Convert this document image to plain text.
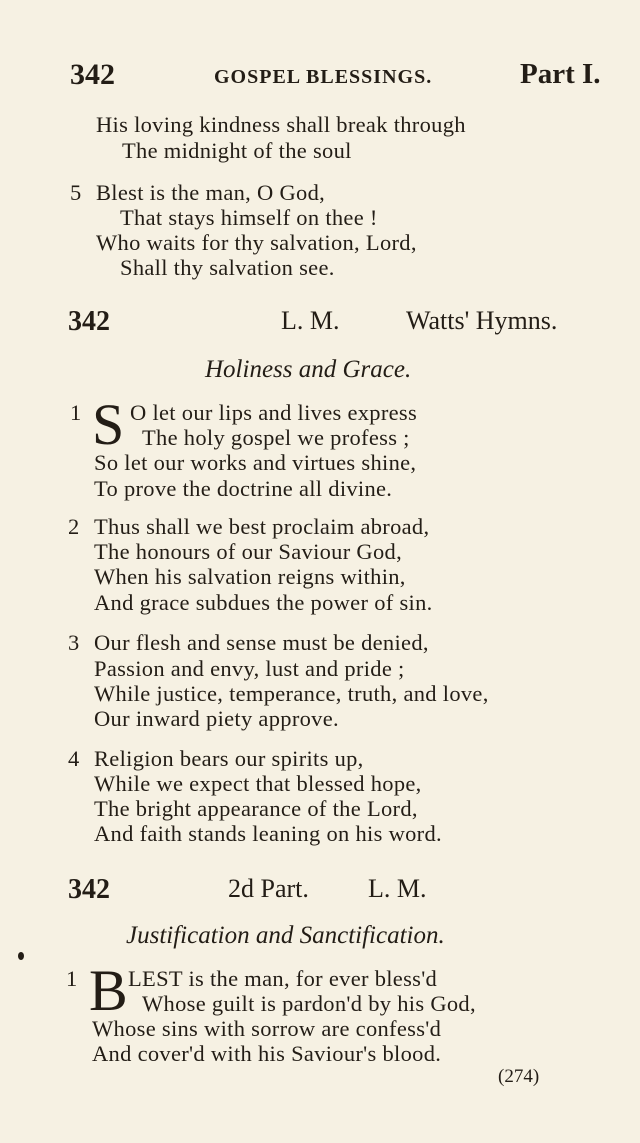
342	GOSPEL BLESSINGS.	Part I.
His loving kindness shall break through
The midnight of the soul
5 Blest is the man, O God,
That stays himself on thee !
Who waits for thy salvation, Lord,
Shall thy salvation see.
342	L. M.	Watts' Hymns.
Holiness and Grace.
1 S O let our lips and lives express
The holy gospel we profess ;
So let our works and virtues shine,
To prove the doctrine all divine.
2 Thus shall we best proclaim abroad,
The honours of our Saviour God,
When his salvation reigns within,
And grace subdues the power of sin.
3 Our flesh and sense must be denied,
Passion and envy, lust and pride ;
While justice, temperance, truth, and love,
Our inward piety approve.
4 Religion bears our spirits up,
While we expect that blessed hope,
The bright appearance of the Lord,
And faith stands leaning on his word.
342	2d Part. L. M.
Justification and Sanctification.
1 B LEST is the man, for ever bless'd
Whose guilt is pardon'd by his God,
Whose sins with sorrow are confess'd
And cover'd with his Saviour's blood.
(274)
